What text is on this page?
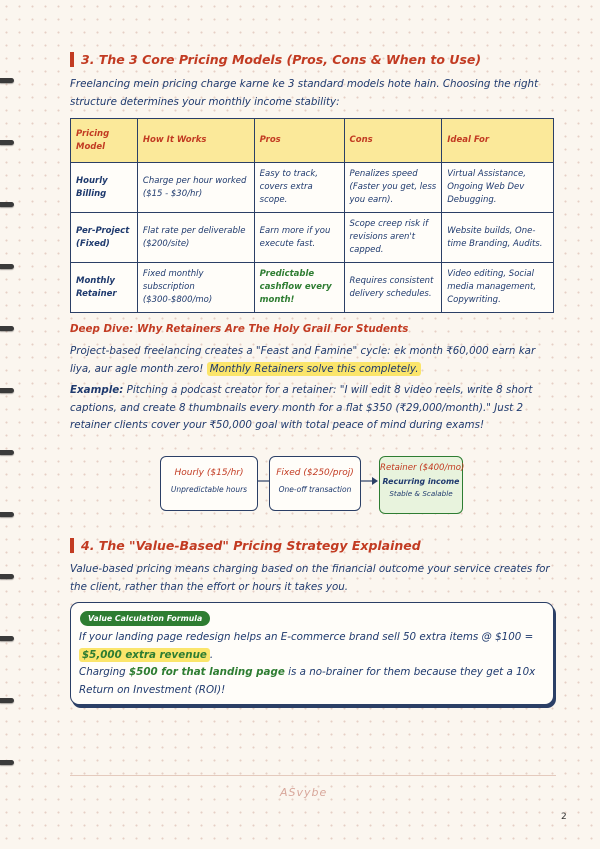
3. The 3 Core Pricing Models (Pros, Cons & When to Use)
Freelancing mein pricing charge karne ke 3 standard models hote hain. Choosing the right structure determines your monthly income stability:
Pricing Model	How It Works	Pros	Cons	Ideal For
Hourly Billing	Charge per hour worked ($15 - $30/hr)	Easy to track, covers extra scope.	Penalizes speed (Faster you get, less you earn).	Virtual Assistance, Ongoing Web Dev Debugging.
Per-Project (Fixed)	Flat rate per deliverable ($200/site)	Earn more if you execute fast.	Scope creep risk if revisions aren't capped.	Website builds, One-time Branding, Audits.
Monthly Retainer	Fixed monthly subscription ($300-$800/mo)	Predictable cashflow every month!	Requires consistent delivery schedules.	Video editing, Social media management, Copywriting.
Deep Dive: Why Retainers Are The Holy Grail For Students
Project-based freelancing creates a "Feast and Famine" cycle: ek month ₹60,000 earn kar liya, aur agle month zero! Monthly Retainers solve this completely.
Example: Pitching a podcast creator for a retainer: "I will edit 8 video reels, write 8 short captions, and create 8 thumbnails every month for a flat $350 (₹29,000/month)." Just 2 retainer clients cover your ₹50,000 goal with total peace of mind during exams!
Hourly ($15/hr)
Unpredictable hours
Fixed ($250/proj)
One-off transaction
Retainer ($400/mo)
Recurring income
Stable & Scalable
4. The "Value-Based" Pricing Strategy Explained
Value-based pricing means charging based on the financial outcome your service creates for the client, rather than the effort or hours it takes you.
Value Calculation Formula
If your landing page redesign helps an E-commerce brand sell 50 extra items @ $100 = $5,000 extra revenue .
Charging $500 for that landing page is a no-brainer for them because they get a 10x Return on Investment (ROI)!
ASvybe
2
